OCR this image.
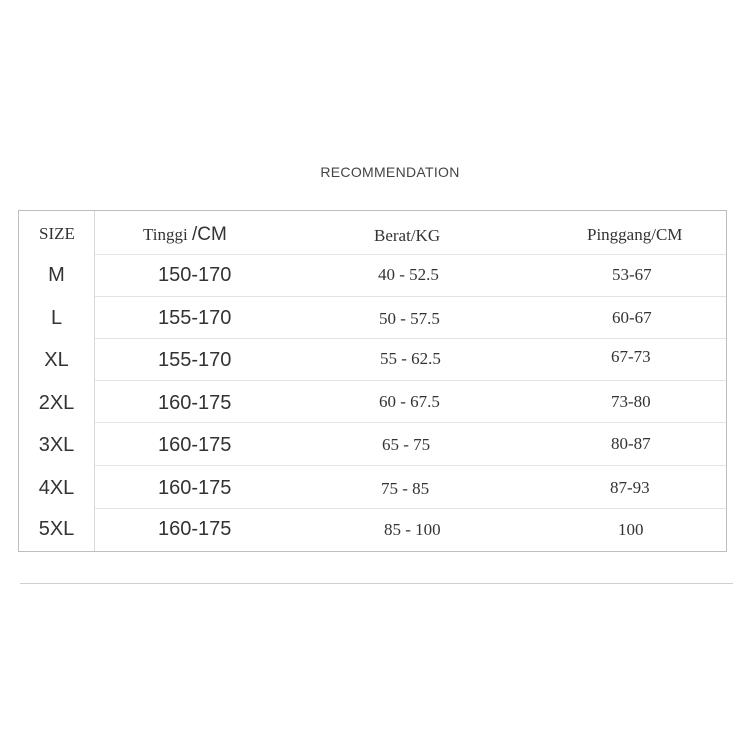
RECOMMENDATION
SIZE	Tinggi /CM	Berat/KG	Pinggang/CM
M	150-170	40 - 52.5	53-67
L	155-170	50 - 57.5	60-67
XL	155-170	55 - 62.5	67-73
2XL	160-175	60 - 67.5	73-80
3XL	160-175	65 - 75	80-87
4XL	160-175	75 - 85	87-93
5XL	160-175	85 - 100	100
